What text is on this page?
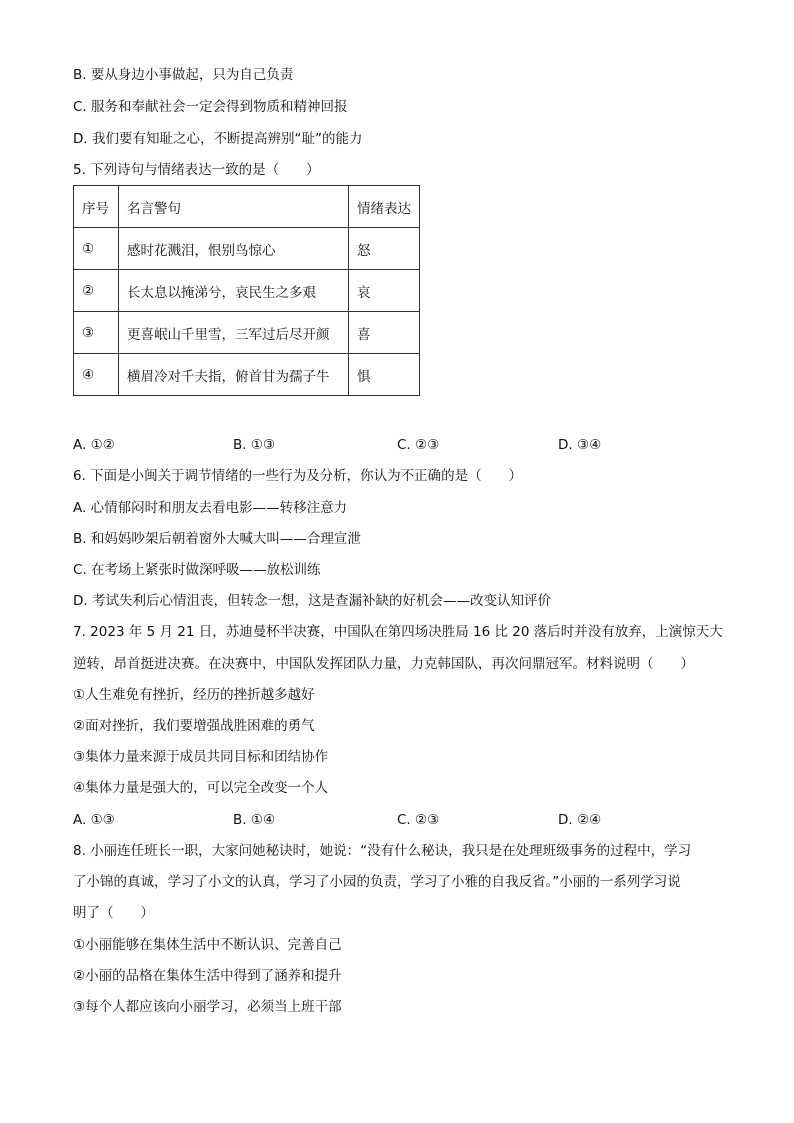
B. 要从身边小事做起，只为自己负责
C. 服务和奉献社会一定会得到物质和精神回报
D. 我们要有知耻之心，不断提高辨别“耻”的能力
5. 下列诗句与情绪表达一致的是（　　）
序号	名言警句	情绪表达
①	感时花溅泪，恨别鸟惊心	怒
②	长太息以掩涕兮，哀民生之多艰	哀
③	更喜岷山千里雪，三军过后尽开颜	喜
④	横眉冷对千夫指，俯首甘为孺子牛	惧
A. ①②	B. ①③	C. ②③	D. ③④
6. 下面是小闽关于调节情绪的一些行为及分析，你认为不正确的是（　　）
A. 心情郁闷时和朋友去看电影——转移注意力
B. 和妈妈吵架后朝着窗外大喊大叫——合理宣泄
C. 在考场上紧张时做深呼吸——放松训练
D. 考试失利后心情沮丧，但转念一想，这是查漏补缺的好机会——改变认知评价
7. 2023 年 5 月 21 日，苏迪曼杯半决赛，中国队在第四场决胜局 16 比 20 落后时并没有放弃，上演惊天大
逆转，昂首挺进决赛。在决赛中，中国队发挥团队力量，力克韩国队，再次问鼎冠军。材料说明（　　）
①人生难免有挫折，经历的挫折越多越好
②面对挫折，我们要增强战胜困难的勇气
③集体力量来源于成员共同目标和团结协作
④集体力量是强大的，可以完全改变一个人
A. ①③	B. ①④	C. ②③	D. ②④
8. 小丽连任班长一职，大家问她秘诀时，她说：“没有什么秘诀，我只是在处理班级事务的过程中，学习
了小锦的真诚，学习了小文的认真，学习了小园的负责，学习了小雅的自我反省。”小丽的一系列学习说
明了（　　）
①小丽能够在集体生活中不断认识、完善自己
②小丽的品格在集体生活中得到了涵养和提升
③每个人都应该向小丽学习，必须当上班干部
